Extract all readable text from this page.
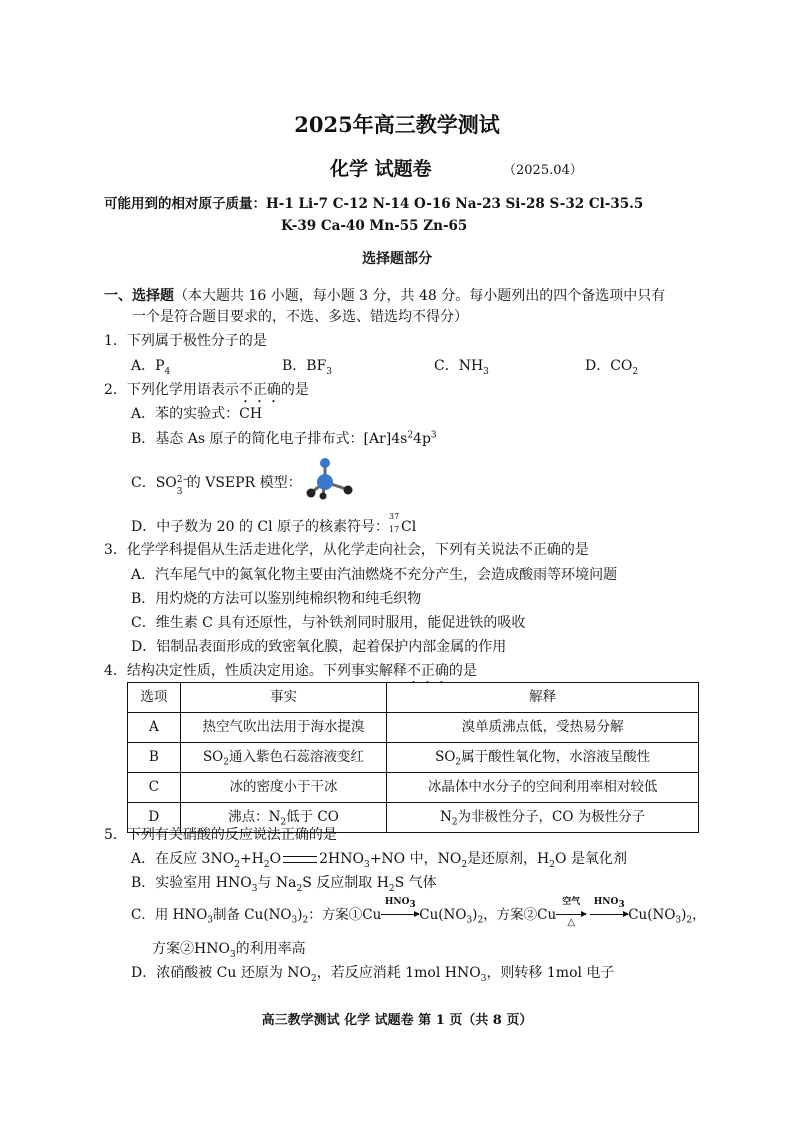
2025年高三教学测试
化学 试题卷	（2025.04）
可能用到的相对原子质量：H-1 Li-7 C-12 N-14 O-16 Na-23 Si-28 S-32 Cl-35.5
K-39 Ca-40 Mn-55 Zn-65
选择题部分
一、选择题（本大题共 16 小题，每小题 3 分，共 48 分。每小题列出的四个备选项中只有
一个是符合题目要求的，不选、多选、错选均不得分）
1．下列属于极性分子的是
A．$P_4$	B．$BF_3$	C．$NH_3$	D．$CO_2$
2．下列化学用语表示不正确的是
A．苯的实验式：CH
B．基态 As 原子的简化电子排布式：$[Ar]4s^24p^3$
C．SO 2−
3
的 VSEPR 模型：
D．中子数为 20 的 Cl 原子的核素符号：
37
17 Cl
3．化学学科提倡从生活走进化学，从化学走向社会，下列有关说法不正确的是
A．汽车尾气中的氮氧化物主要由汽油燃烧不充分产生，会造成酸雨等环境问题
B．用灼烧的方法可以鉴别纯棉织物和纯毛织物
C．维生素 C 具有还原性，与补铁剂同时服用，能促进铁的吸收
D．铝制品表面形成的致密氧化膜，起着保护内部金属的作用
4．结构决定性质，性质决定用途。下列事实解释不正确的是
选项	事实	解释
A	热空气吹出法用于海水提溴	溴单质沸点低，受热易分解
B	$SO_2$通入紫色石蕊溶液变红	$SO_2$属于酸性氧化物，水溶液呈酸性
C	冰的密度小于干冰	冰晶体中水分子的空间利用率相对较低
D	沸点：$N_2$低于 CO	$N_2$为非极性分子，CO 为极性分子
5．下列有关硝酸的反应说法正确的是
A．在反应 $3NO_2+H_2O$	$2HNO_3+NO$ 中，$NO_2$是还原剂，$H_2O$ 是氧化剂
B．实验室用 $HNO_3$与 $Na_2S$ 反应制取 $H_2S$ 气体
C．用 $HNO_3$制备 $Cu(NO_3)_2$：方案①Cu
$HNO_3$
$Cu(NO_3)_2$，方案②Cu
空气
△
$HNO_3$
$Cu(NO_3)_2$，
方案$②HNO_3$的利用率高
D．浓硝酸被 Cu 还原为 $NO_2$，若反应消耗 1mol $HNO_3$，则转移 1mol 电子
高三教学测试 化学 试题卷 第 1 页（共 8 页）
